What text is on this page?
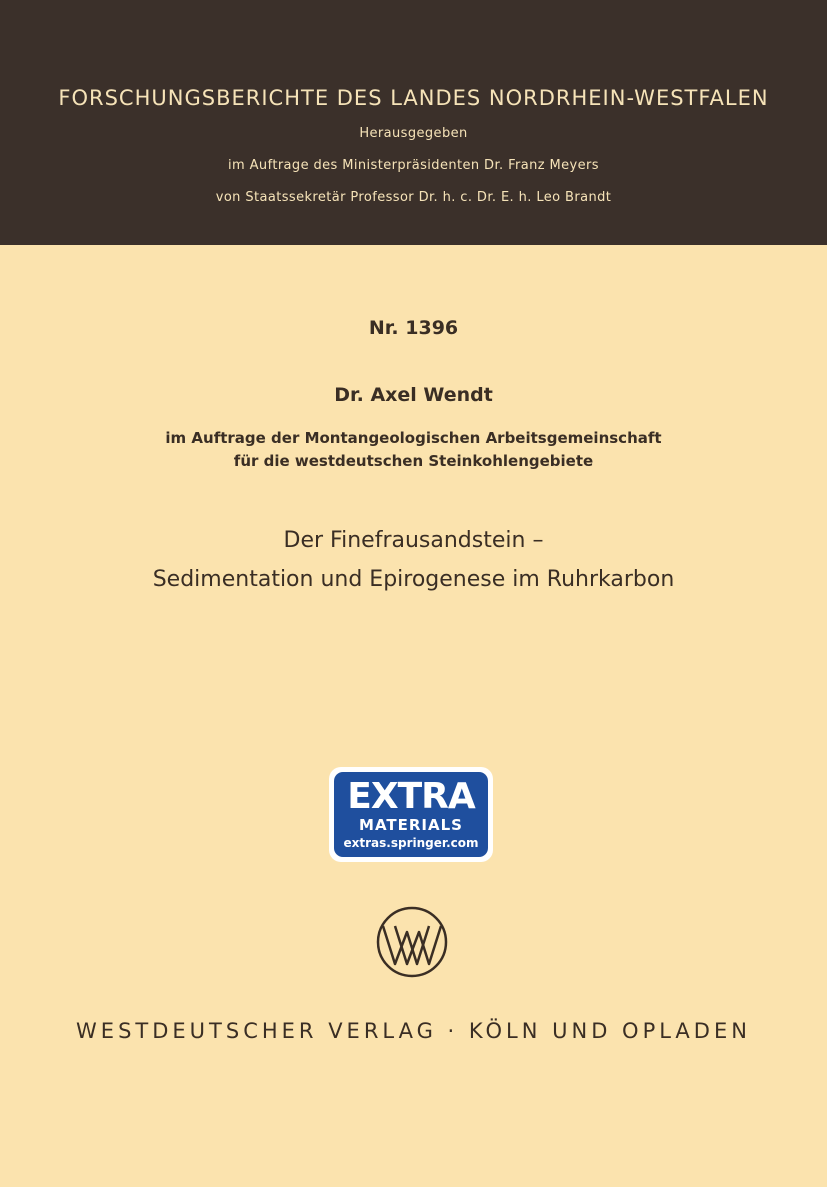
FORSCHUNGSBERICHTE DES LANDES NORDRHEIN-WESTFALEN
Herausgegeben
im Auftrage des Ministerpräsidenten Dr. Franz Meyers
von Staatssekretär Professor Dr. h. c. Dr. E. h. Leo Brandt
Nr. 1396
Dr. Axel Wendt
im Auftrage der Montangeologischen Arbeitsgemeinschaft
für die westdeutschen Steinkohlengebiete
Der Finefrausandstein –
Sedimentation und Epirogenese im Ruhrkarbon
EXTRA
MATERIALS
extras.springer.com
WESTDEUTSCHER VERLAG · KÖLN UND OPLADEN
